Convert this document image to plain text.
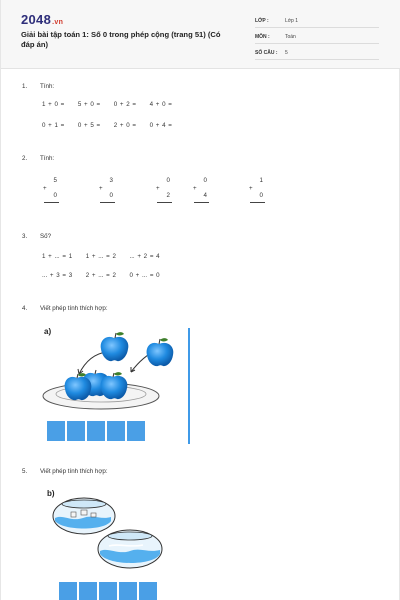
2048.vn
Giải bài tập toán 1: Số 0 trong phép cộng (trang 51) (Có đáp án)
LỚP :	Lớp 1
MÔN :	Toán
SỐ CÂU :	5
1. Tính:
1 + 0 =     5 + 0 =     0 + 2 =     4 + 0 =
0 + 1 =     0 + 5 =     2 + 0 =     0 + 4 =
2. Tính:
5
+
0
3
+
0
0
+
2
0
+
4
1
+
0
3. Số?
1 + ... = 1     1 + ... = 2     ... + 2 = 4
... + 3 = 3     2 + ... = 2     0 + ... = 0
4. Viết phép tính thích hợp:
a)
5. Viết phép tính thích hợp:
b)
